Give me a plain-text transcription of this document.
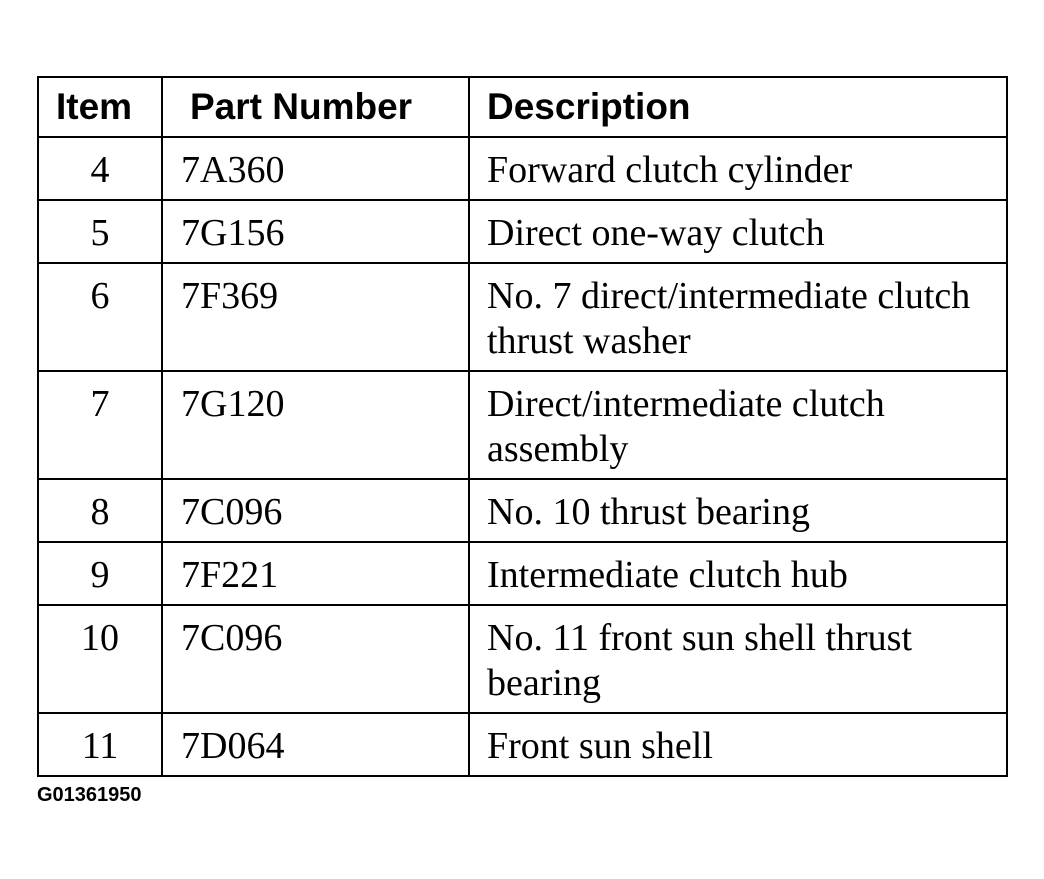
Item	Part Number	Description
4	7A360	Forward clutch cylinder
5	7G156	Direct one-way clutch
6	7F369	No. 7 direct/intermediate clutch thrust washer
7	7G120	Direct/intermediate clutch assembly
8	7C096	No. 10 thrust bearing
9	7F221	Intermediate clutch hub
10	7C096	No. 11 front sun shell thrust bearing
11	7D064	Front sun shell
G01361950
